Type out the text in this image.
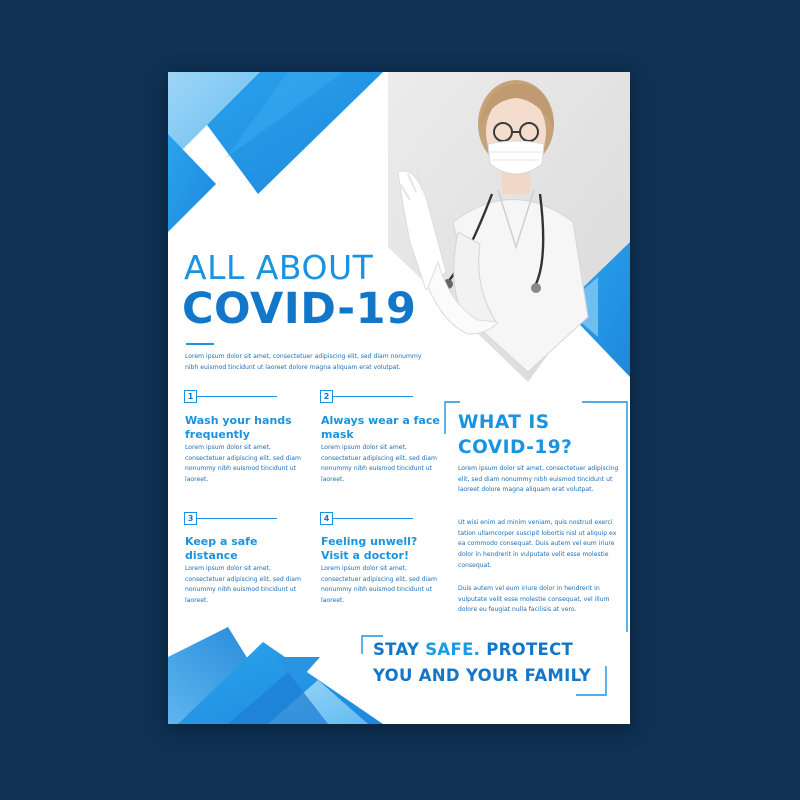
ALL ABOUT
COVID-19
Lorem ipsum dolor sit amet, consectetuer adipiscing elit, sed diam nonummy nibh euismod tincidunt ut laoreet dolore magna aliquam erat volutpat.
1
Wash your hands frequently
Lorem ipsum dolor sit amet, consectetuer adipiscing elit, sed diam nonummy nibh euismod tincidunt ut laoreet.
2
Always wear a face mask
Lorem ipsum dolor sit amet, consectetuer adipiscing elit, sed diam nonummy nibh euismod tincidunt ut laoreet.
3
Keep a safe distance
Lorem ipsum dolor sit amet, consectetuer adipiscing elit, sed diam nonummy nibh euismod tincidunt ut laoreet.
4
Feeling unwell? Visit a doctor!
Lorem ipsum dolor sit amet, consectetuer adipiscing elit, sed diam nonummy nibh euismod tincidunt ut laoreet.
WHAT IS
COVID-19?
Lorem ipsum dolor sit amet, consectetuer adipiscing elit, sed diam nonummy nibh euismod tincidunt ut laoreet dolore magna aliquam erat volutpat.
Ut wisi enim ad minim veniam, quis nostrud exerci tation ullamcorper suscipit lobortis nisl ut aliquip ex ea commodo consequat. Duis autem vel eum iriure dolor in hendrerit in vulputate velit esse molestie consequat.
Duis autem vel eum iriure dolor in hendrerit in vulputate velit esse molestie consequat, vel illum dolore eu feugiat nulla facilisis at vero.
STAY SAFE. PROTECT
YOU AND YOUR FAMILY
